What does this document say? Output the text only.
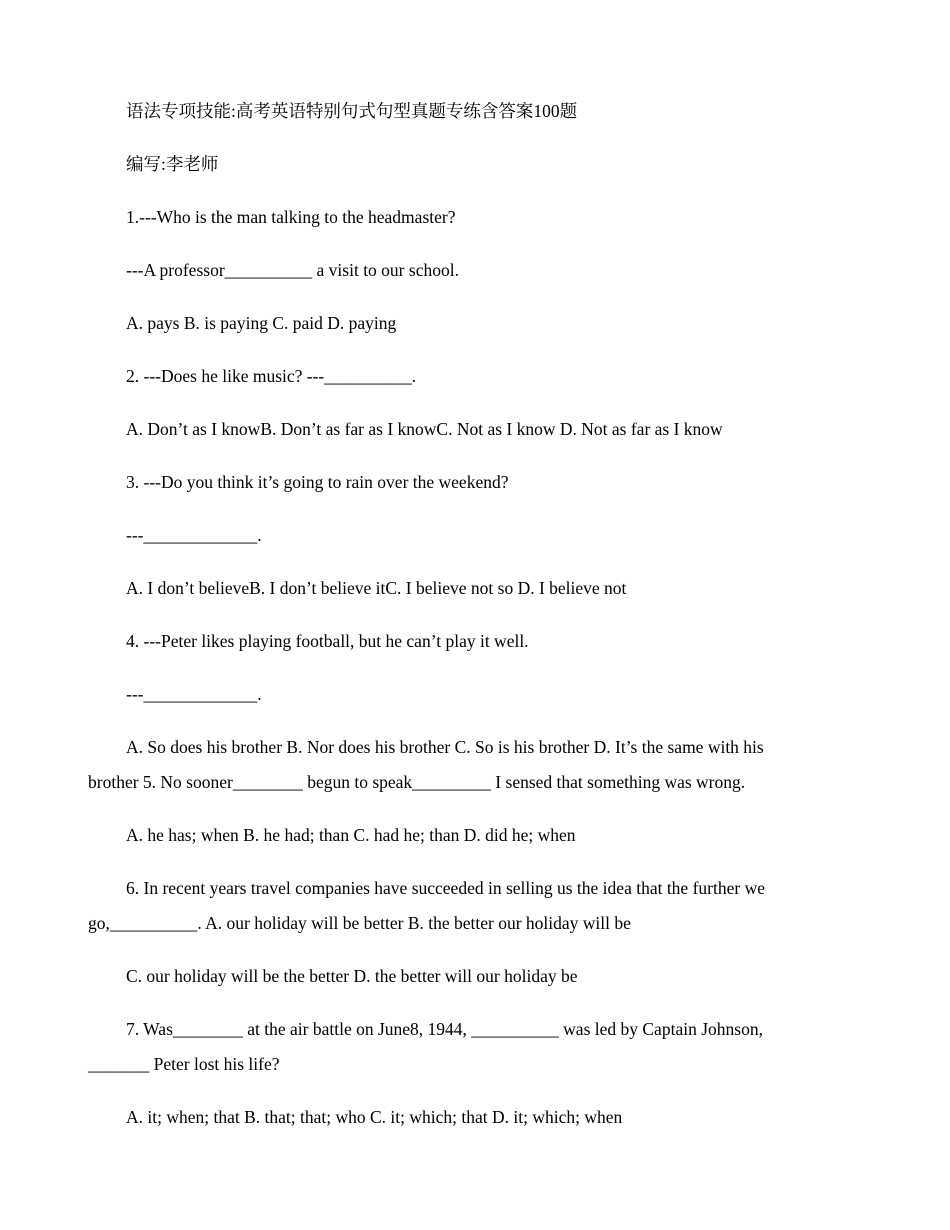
语法专项技能:高考英语特别句式句型真题专练含答案100题

编写:李老师

1.---Who is the man talking to the headmaster?

---A professor__________ a visit to our school.

A. pays B. is paying C. paid D. paying

2. ---Does he like music? ---__________.

A. Don’t as I knowB. Don’t as far as I knowC. Not as I know D. Not as far as I know

3. ---Do you think it’s going to rain over the weekend?

---_____________.

A. I don’t believeB. I don’t believe itC. I believe not so D. I believe not

4. ---Peter likes playing football, but he can’t play it well.

---_____________.

A. So does his brother B. Nor does his brother C. So is his brother D. It’s the same with his brother 5. No sooner________ begun to speak_________ I sensed that something was wrong.

A. he has; when B. he had; than C. had he; than D. did he; when

6. In recent years travel companies have succeeded in selling us the idea that the further we go,__________. A. our holiday will be better B. the better our holiday will be

C. our holiday will be the better D. the better will our holiday be

7. Was________ at the air battle on June8, 1944, __________ was led by Captain Johnson, _______ Peter lost his life?

A. it; when; that B. that; that; who C. it; which; that D. it; which; when
